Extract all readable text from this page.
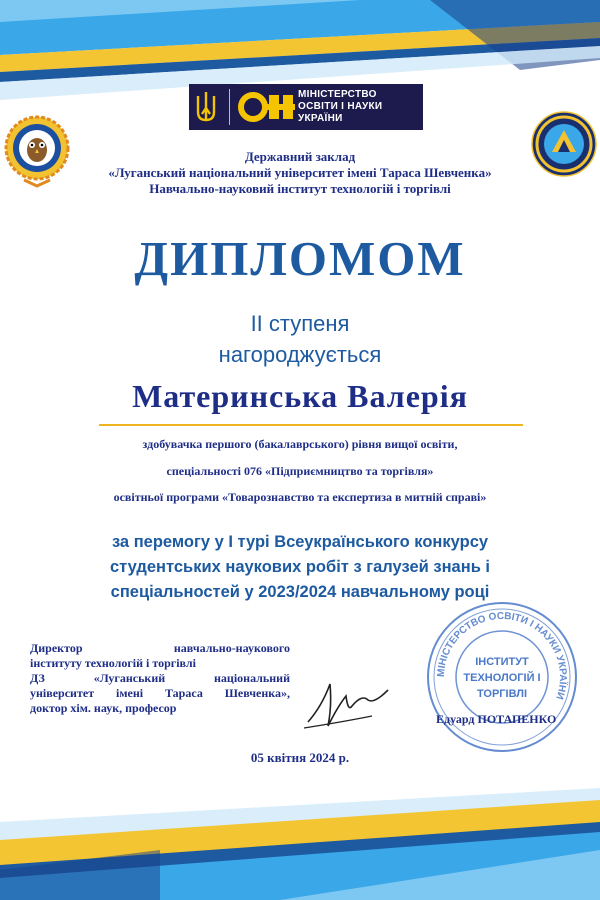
МІНІСТЕРСТВО
ОСВІТИ І НАУКИ
УКРАЇНИ
Державний заклад
«Луганський національний університет імені Тараса Шевченка»
Навчально-науковий інститут технологій і торгівлі
ДИПЛОМОМ
ІІ ступеня
нагороджується
Материнська Валерія
здобувачка першого (бакалаврського) рівня вищої освіти,
спеціальності 076 «Підприємництво та торгівля»
освітньої програми «Товарознавство та експертиза в митній справі»
за перемогу у І турі Всеукраїнського конкурсу
студентських наукових робіт з галузей знань і
спеціальностей у 2023/2024 навчальному році
МІНІСТЕРСТВО ОСВІТИ І НАУКИ УКРАЇНИ
ІНСТИТУТ
ТЕХНОЛОГІЙ І
ТОРГІВЛІ
Директор навчально-наукового
інституту технологій і торгівлі
ДЗ «Луганський національний
університет імені Тараса Шевченка»,
доктор хім. наук, професор
Едуард ПОТАПЕНКО
05 квітня 2024 р.
